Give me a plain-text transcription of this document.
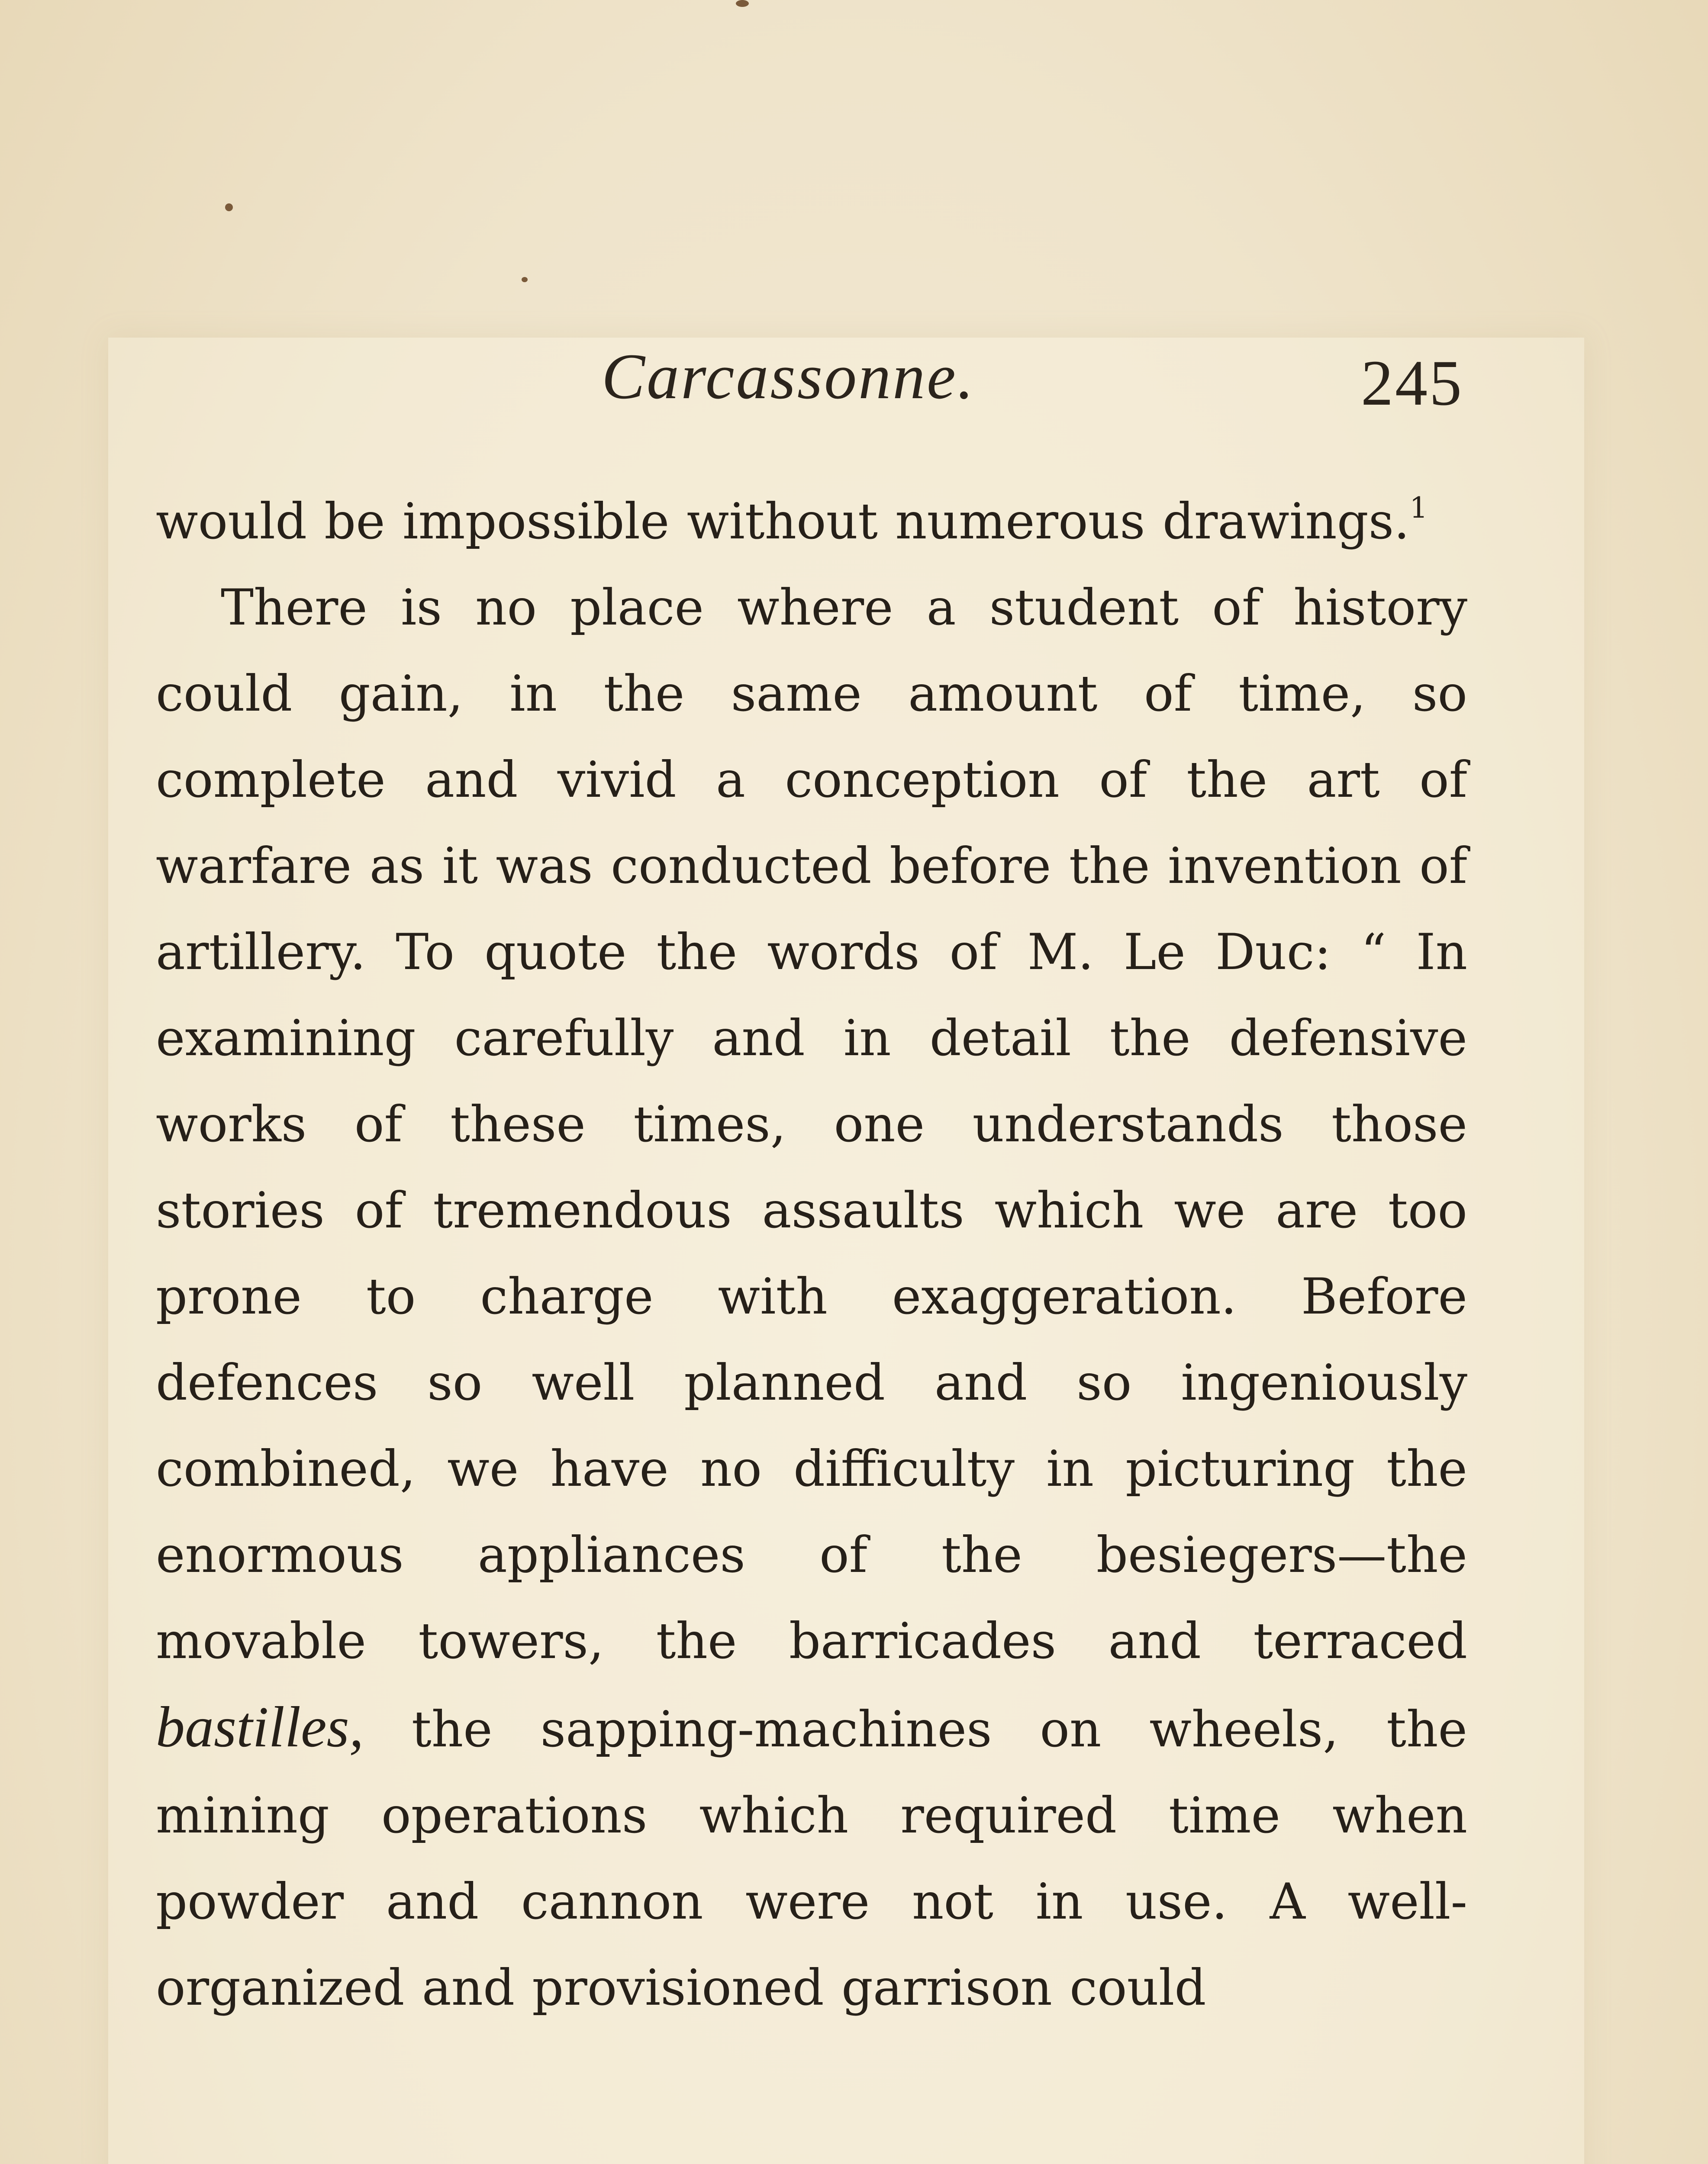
Carcassonne.	245

would be impossible without numerous drawings.$^1$

There is no place where a student of history could gain, in the same amount of time, so complete and vivid a conception of the art of warfare as it was conducted before the invention of artillery. To quote the words of M. Le Duc: “ In examining carefully and in detail the defensive works of these times, one understands those stories of tremendous assaults which we are too prone to charge with exaggeration. Before defences so well planned and so ingeniously combined, we have no difficulty in picturing the enormous appliances of the besiegers—the movable towers, the barricades and terraced bastilles, the sapping-machines on wheels, the mining operations which required time when powder and cannon were not in use. A well-organized and provisioned garrison could
